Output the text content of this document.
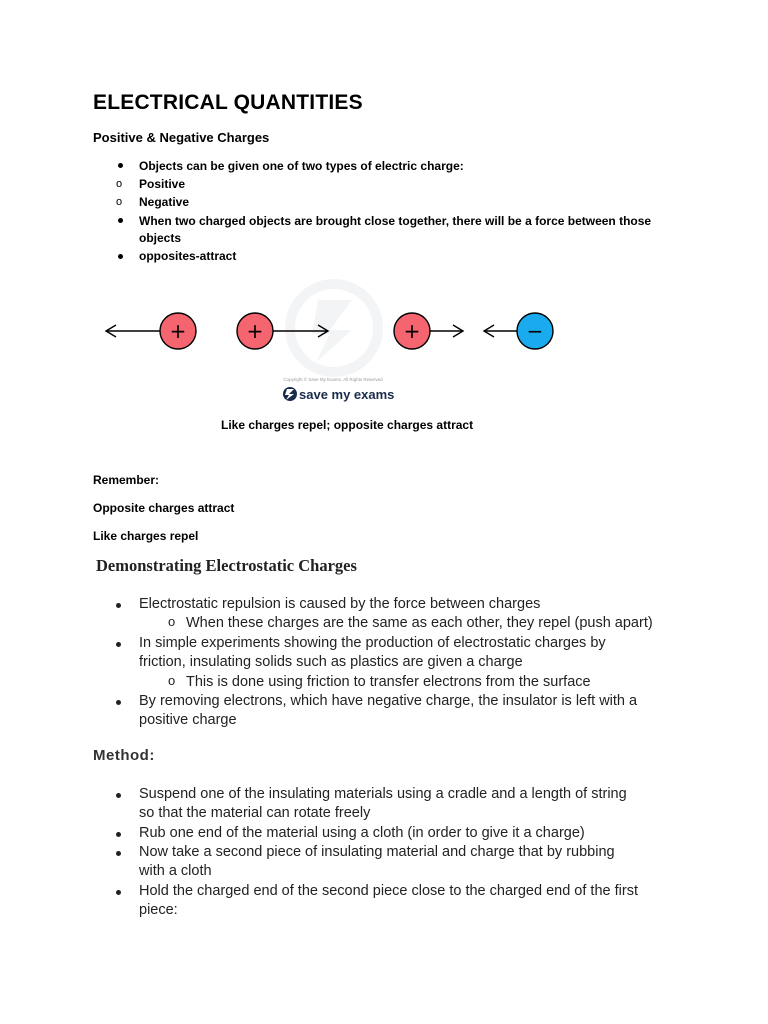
ELECTRICAL QUANTITIES
Positive & Negative Charges
Objects can be given one of two types of electric charge:
o Positive
o Negative
When two charged objects are brought close together, there will be a force between those
objects
opposites-attract
Copyright © Save My Exams. All Rights Reserved
save my exams
+	+	+	−
Like charges repel; opposite charges attract
Remember:
Opposite charges attract
Like charges repel
Demonstrating Electrostatic Charges
Electrostatic repulsion is caused by the force between charges
o When these charges are the same as each other, they repel (push apart)
In simple experiments showing the production of electrostatic charges by
friction, insulating solids such as plastics are given a charge
o This is done using friction to transfer electrons from the surface
By removing electrons, which have negative charge, the insulator is left with a
positive charge
Method:
Suspend one of the insulating materials using a cradle and a length of string
so that the material can rotate freely
Rub one end of the material using a cloth (in order to give it a charge)
Now take a second piece of insulating material and charge that by rubbing
with a cloth
Hold the charged end of the second piece close to the charged end of the first
piece:
